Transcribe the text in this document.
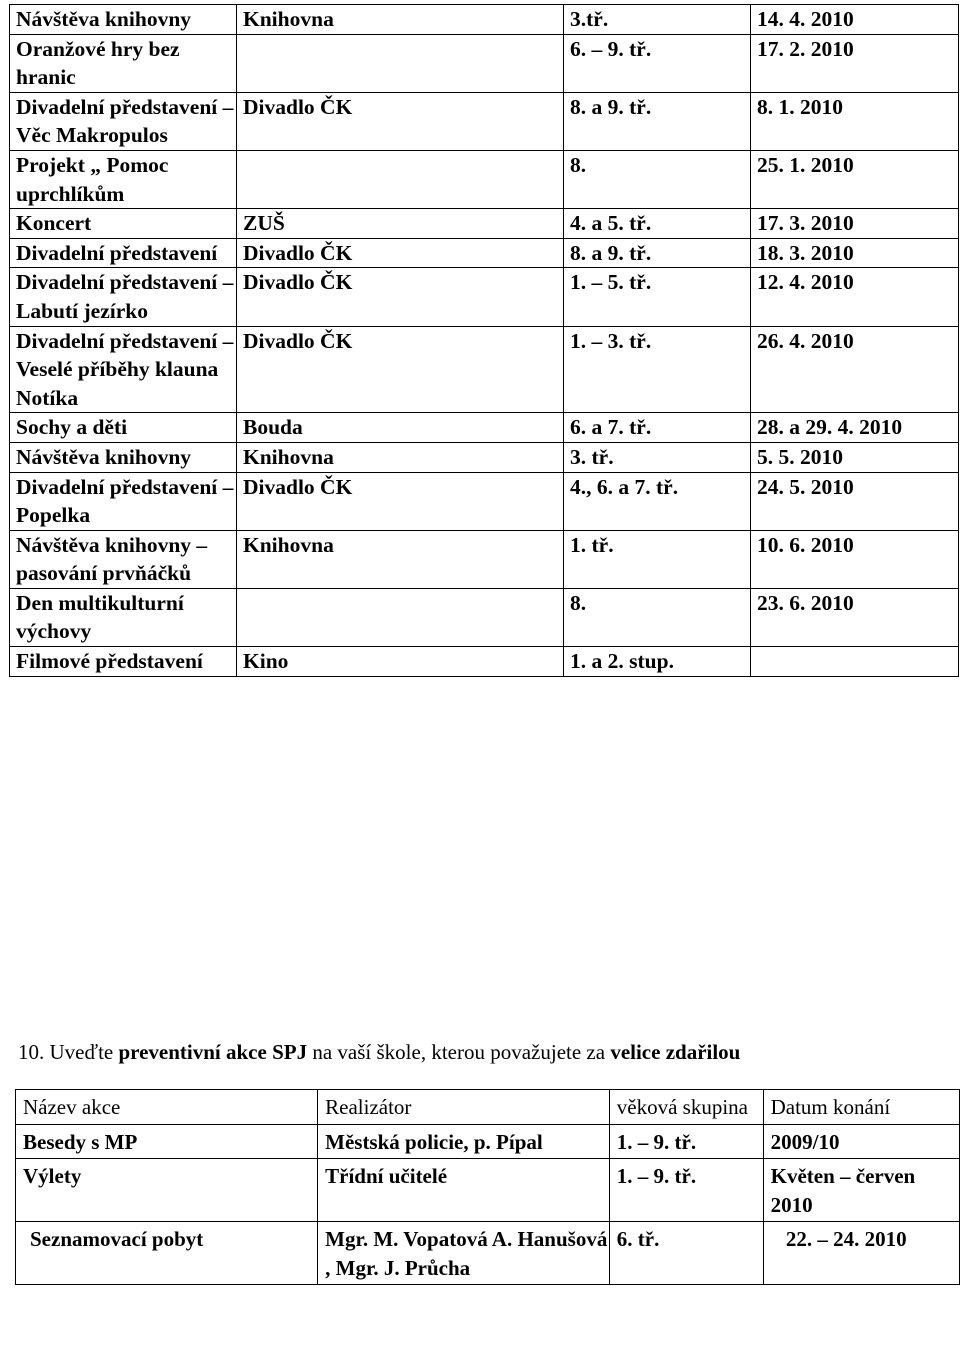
Návštěva knihovny	Knihovna	3.tř.	14. 4. 2010
Oranžové hry bez hranic		6. – 9. tř.	17. 2. 2010
Divadelní představení – Věc Makropulos	Divadlo ČK	8. a 9. tř.	8. 1. 2010
Projekt „ Pomoc uprchlíkům		8.	25. 1. 2010
Koncert	ZUŠ	4. a 5. tř.	17. 3. 2010
Divadelní představení	Divadlo ČK	8. a 9. tř.	18. 3. 2010
Divadelní představení – Labutí jezírko	Divadlo ČK	1. – 5. tř.	12. 4. 2010
Divadelní představení – Veselé příběhy klauna Notíka	Divadlo ČK	1. – 3. tř.	26. 4. 2010
Sochy a děti	Bouda	6. a 7. tř.	28. a 29. 4. 2010
Návštěva knihovny	Knihovna	3. tř.	5. 5. 2010
Divadelní představení – Popelka	Divadlo ČK	4., 6. a 7. tř.	24. 5. 2010
Návštěva knihovny – pasování prvňáčků	Knihovna	1. tř.	10. 6. 2010
Den multikulturní výchovy		8.	23. 6. 2010
Filmové představení	Kino	1. a 2. stup.	
10. Uveďte preventivní akce SPJ na vaší škole, kterou považujete za velice zdařilou
Název akce	Realizátor	věková skupina	Datum konání
Besedy s MP	Městská policie, p. Pípal	1. – 9. tř.	2009/10
Výlety	Třídní učitelé	1. – 9. tř.	Květen – červen 2010
Seznamovací pobyt	Mgr. M. Vopatová A. Hanušová , Mgr. J. Průcha	6. tř.	22. – 24. 2010
